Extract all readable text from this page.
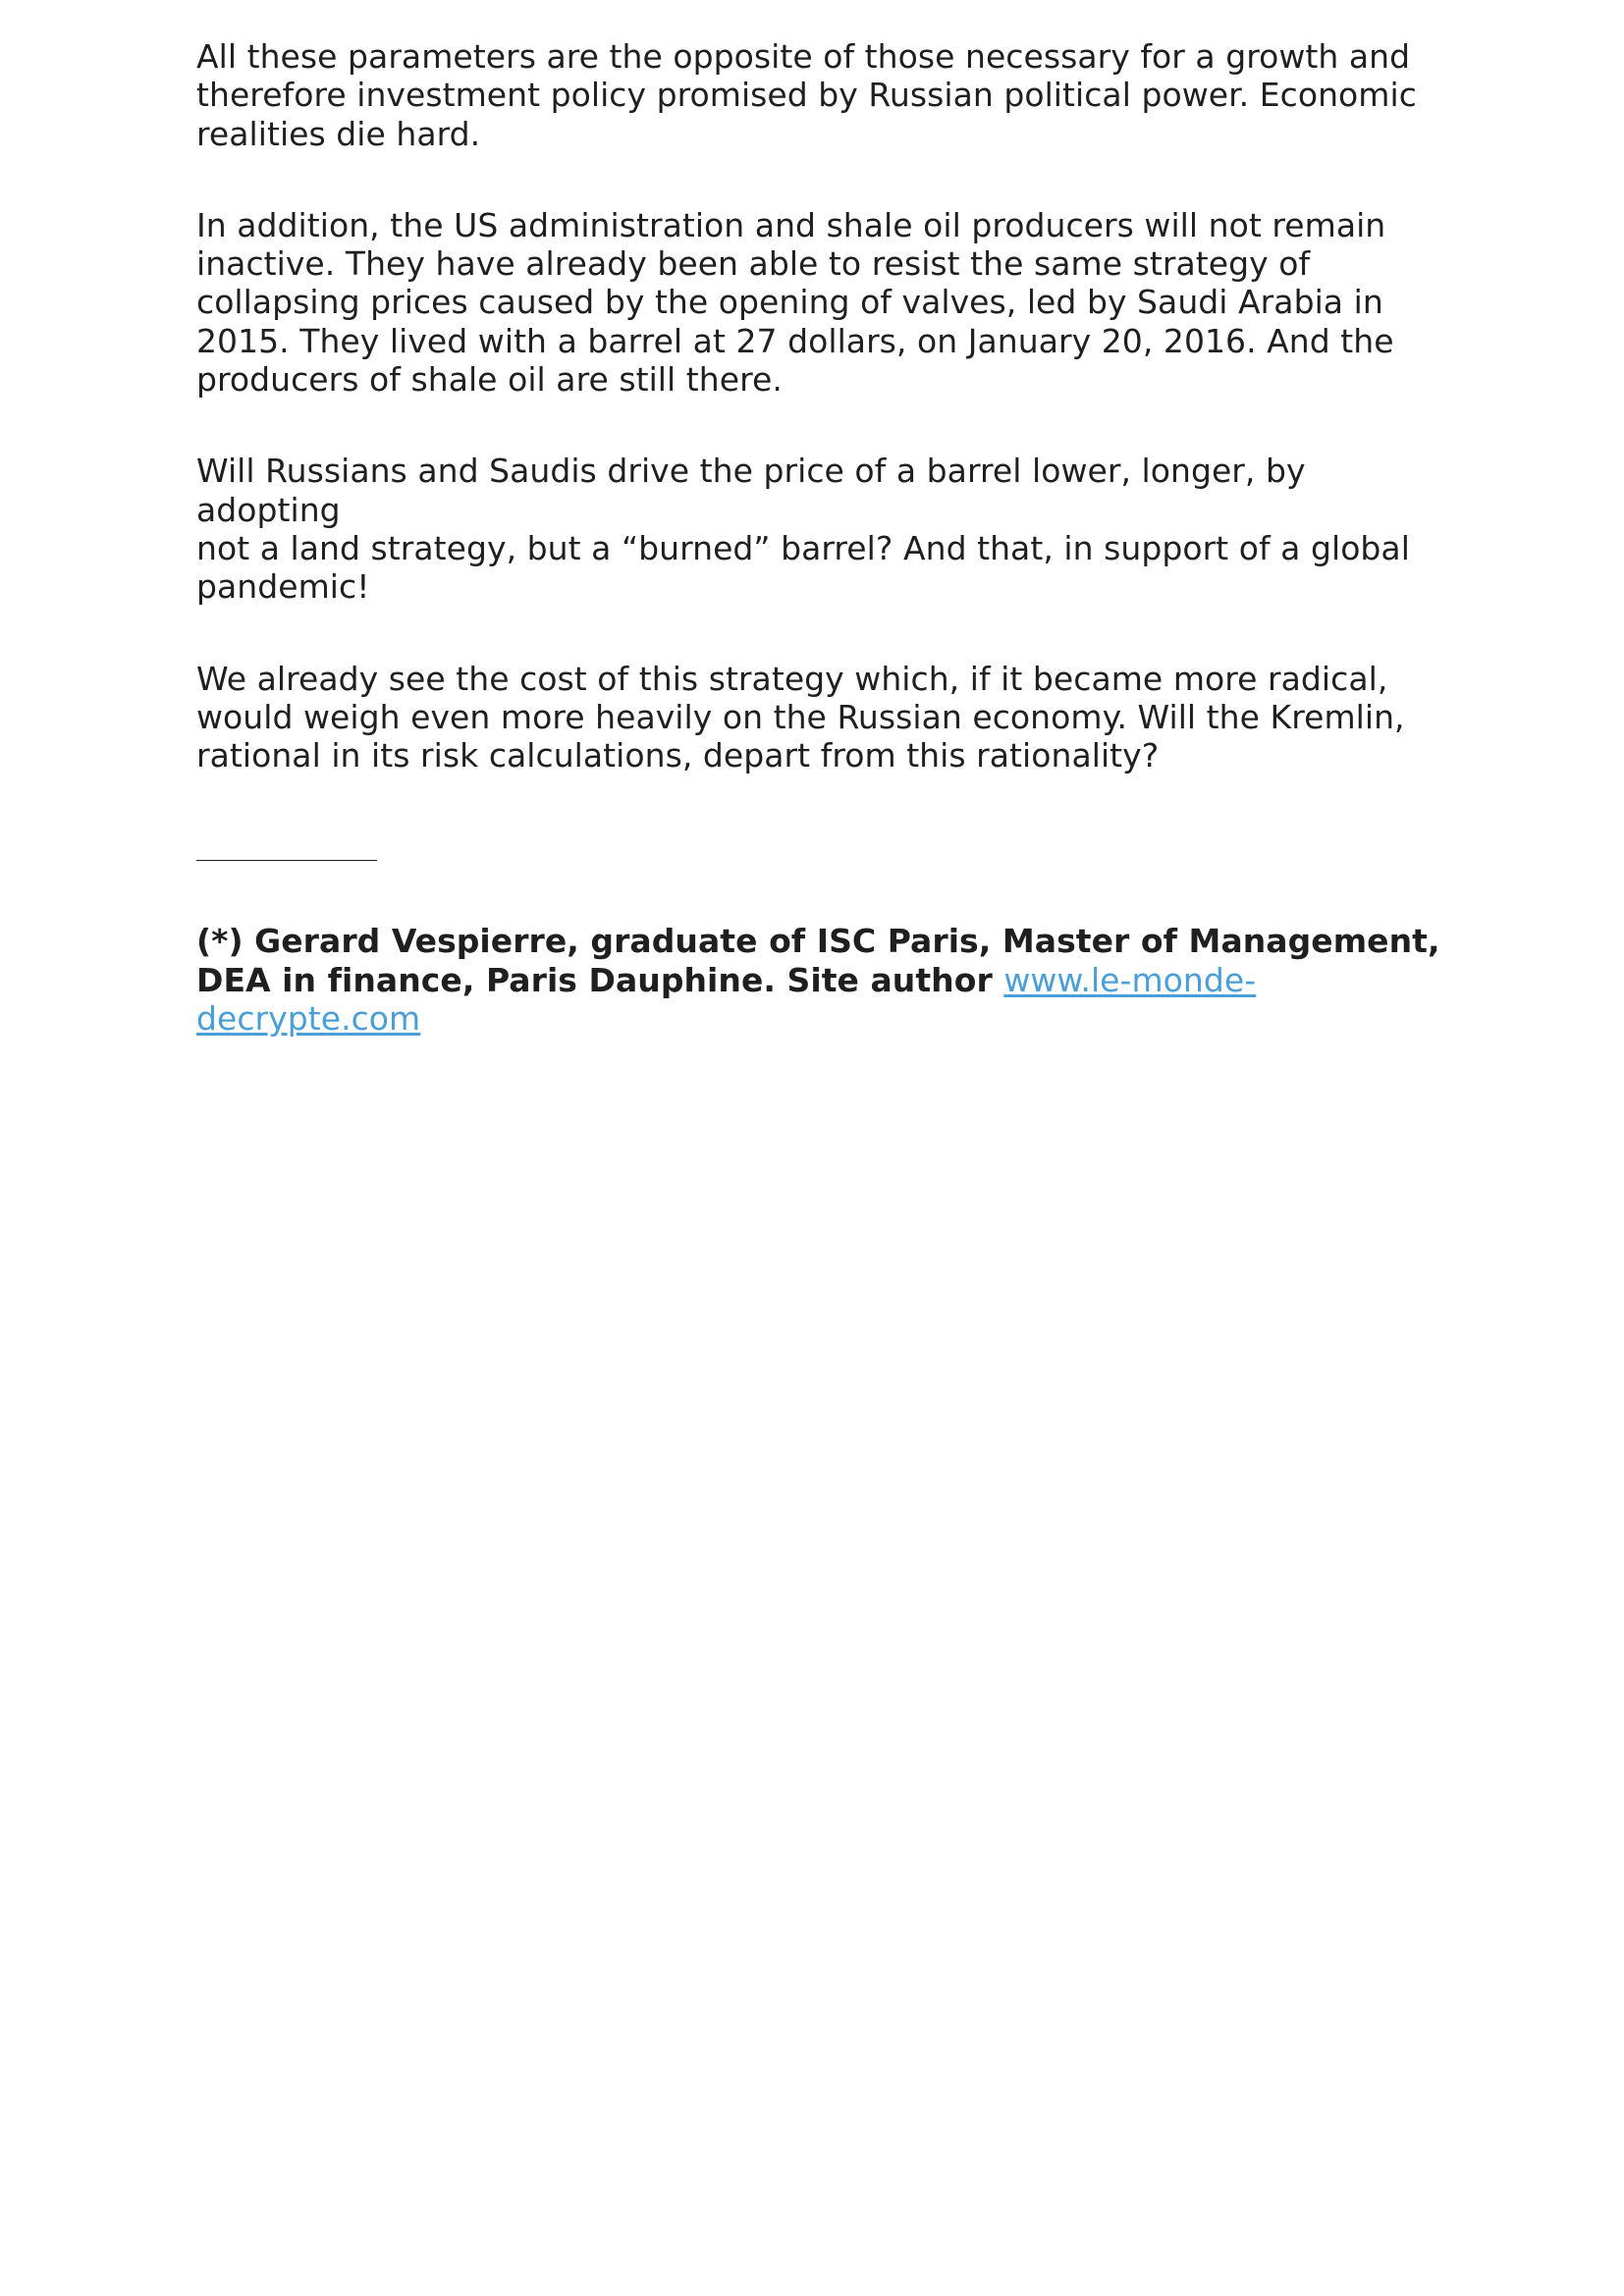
All these parameters are the opposite of those necessary for a growth and
therefore investment policy promised by Russian political power. Economic
realities die hard.

In addition, the US administration and shale oil producers will not remain
inactive. They have already been able to resist the same strategy of
collapsing prices caused by the opening of valves, led by Saudi Arabia in
2015. They lived with a barrel at 27 dollars, on January 20, 2016. And the
producers of shale oil are still there.

Will Russians and Saudis drive the price of a barrel lower, longer, by adopting
not a land strategy, but a “burned” barrel? And that, in support of a global
pandemic!

We already see the cost of this strategy which, if it became more radical,
would weigh even more heavily on the Russian economy. Will the Kremlin,
rational in its risk calculations, depart from this rationality?

(*) Gerard Vespierre, graduate of ISC Paris, Master of Management,
DEA in finance, Paris Dauphine. Site author www.le-monde-
decrypte.com
